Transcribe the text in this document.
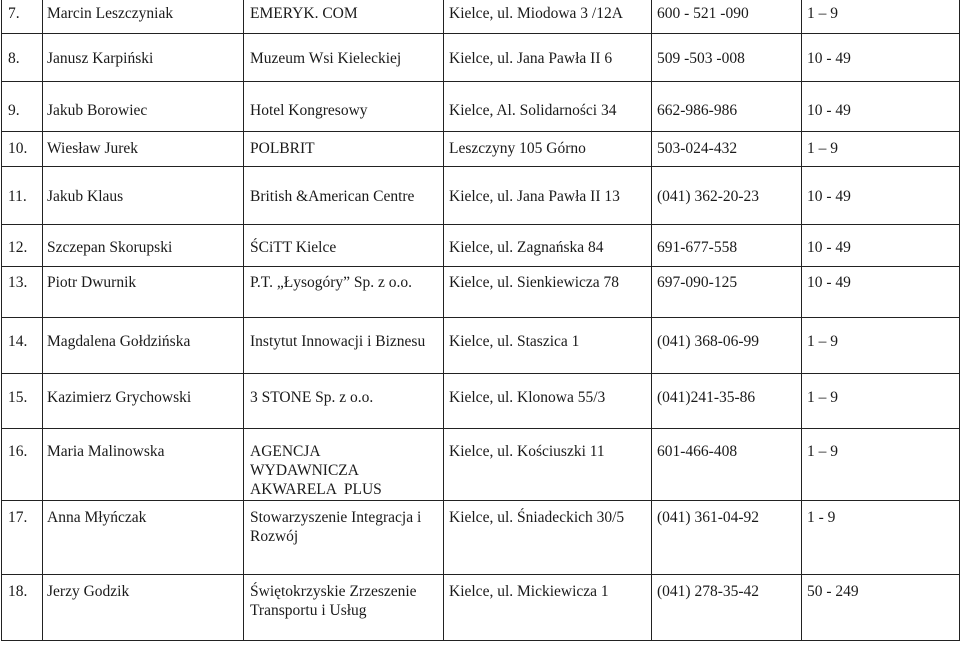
7.	Marcin Leszczyniak	EMERYK. COM	Kielce, ul. Miodowa 3 /12A	600 - 521 -090	1 – 9
8.	Janusz Karpiński	Muzeum Wsi Kieleckiej	Kielce, ul. Jana Pawła II 6	509 -503 -008	10 - 49
9.	Jakub Borowiec	Hotel Kongresowy	Kielce, Al. Solidarności 34	662-986-986	10 - 49
10.	Wiesław Jurek	POLBRIT	Leszczyny 105 Górno	503-024-432	1 – 9
11.	Jakub Klaus	British &American Centre	Kielce, ul. Jana Pawła II 13	(041) 362-20-23	10 - 49
12.	Szczepan Skorupski	ŚCiTT Kielce	Kielce, ul. Zagnańska 84	691-677-558	10 - 49
13.	Piotr Dwurnik	P.T. „Łysogóry” Sp. z o.o.	Kielce, ul. Sienkiewicza 78	697-090-125	10 - 49
14.	Magdalena Gołdzińska	Instytut Innowacji i Biznesu	Kielce, ul. Staszica 1	(041) 368-06-99	1 – 9
15.	Kazimierz Grychowski	3 STONE Sp. z o.o.	Kielce, ul. Klonowa 55/3	(041)241-35-86	1 – 9
16.	Maria Malinowska	AGENCJA
WYDAWNICZA
AKWARELA  PLUS	Kielce, ul. Kościuszki 11	601-466-408	1 – 9
17.	Anna Młyńczak	Stowarzyszenie Integracja i
Rozwój	Kielce, ul. Śniadeckich 30/5	(041) 361-04-92	1 - 9
18.	Jerzy Godzik	Świętokrzyskie Zrzeszenie
Transportu i Usług	Kielce, ul. Mickiewicza 1	(041) 278-35-42	50 - 249
